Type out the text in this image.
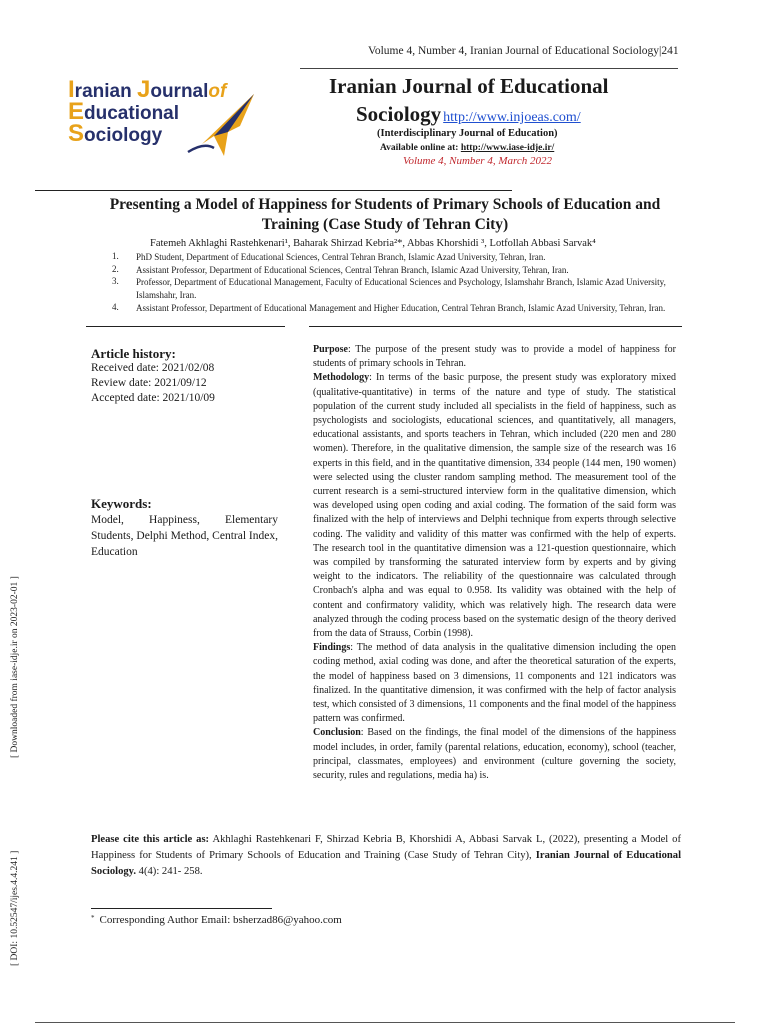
Volume 4, Number 4, Iranian Journal of Educational Sociology|241
Iranian Journalof
Educational
Sociology
Iranian Journal of Educational
Sociology http://www.injoeas.com/
(Interdisciplinary Journal of Education)
Available online at: http://www.iase-idje.ir/
Volume 4, Number 4, March 2022
Presenting a Model of Happiness for Students of Primary Schools of Education and Training (Case Study of Tehran City)
Fatemeh Akhlaghi Rastehkenari¹, Baharak Shirzad Kebria²*, Abbas Khorshidi ³, Lotfollah Abbasi Sarvak⁴
1. PhD Student, Department of Educational Sciences, Central Tehran Branch, Islamic Azad University, Tehran, Iran.
2. Assistant Professor, Department of Educational Sciences, Central Tehran Branch, Islamic Azad University, Tehran, Iran.
3. Professor, Department of Educational Management, Faculty of Educational Sciences and Psychology, Islamshahr Branch, Islamic Azad University, Islamshahr, Iran.
4. Assistant Professor, Department of Educational Management and Higher Education, Central Tehran Branch, Islamic Azad University, Tehran, Iran.
Article history:
Received date: 2021/02/08
Review date: 2021/09/12
Accepted date: 2021/10/09
Keywords:
Model, Happiness, Elementary Students, Delphi Method, Central Index, Education
Purpose: The purpose of the present study was to provide a model of happiness for students of primary schools in Tehran.
Methodology: In terms of the basic purpose, the present study was exploratory mixed (qualitative-quantitative) in terms of the nature and type of study. The statistical population of the current study included all specialists in the field of happiness, such as psychologists and sociologists, educational sciences, and quantitatively, all managers, educational assistants, and sports teachers in Tehran, which included (220 men and 280 women). Therefore, in the qualitative dimension, the sample size of the research was 16 experts in this field, and in the quantitative dimension, 334 people (144 men, 190 women) were selected using the cluster random sampling method. The measurement tool of the current research is a semi-structured interview form in the qualitative dimension, which was developed using open coding and axial coding. The formation of the said form was finalized with the help of interviews and Delphi technique from experts through selective coding. The validity and validity of this matter was confirmed with the help of experts. The research tool in the quantitative dimension was a 121-question questionnaire, which was compiled by transforming the saturated interview form by experts and by giving weight to the indicators. The reliability of the questionnaire was calculated through Cronbach's alpha and was equal to 0.958. Its validity was obtained with the help of content and confirmatory validity, which was relatively high. The research data were analyzed through the coding process based on the systematic design of the theory derived from the data of Strauss, Corbin (1998).
Findings: The method of data analysis in the qualitative dimension including the open coding method, axial coding was done, and after the theoretical saturation of the experts, the model of happiness based on 3 dimensions, 11 components and 121 indicators was finalized. In the quantitative dimension, it was confirmed with the help of factor analysis test, which consisted of 3 dimensions, 11 components and the final model of the happiness pattern was confirmed.
Conclusion: Based on the findings, the final model of the dimensions of the happiness model includes, in order, family (parental relations, education, economy), school (teacher, principal, classmates, employees) and environment (culture governing the society, security, rules and regulations, media ha) is.
Please cite this article as: Akhlaghi Rastehkenari F, Shirzad Kebria B, Khorshidi A, Abbasi Sarvak L, (2022), presenting a Model of Happiness for Students of Primary Schools of Education and Training (Case Study of Tehran City), Iranian Journal of Educational Sociology. 4(4): 241- 258.
* Corresponding Author Email: bsherzad86@yahoo.com
[ Downloaded from iase-idje.ir on 2023-02-01 ]
[ DOI: 10.52547/ijes.4.4.241 ]
